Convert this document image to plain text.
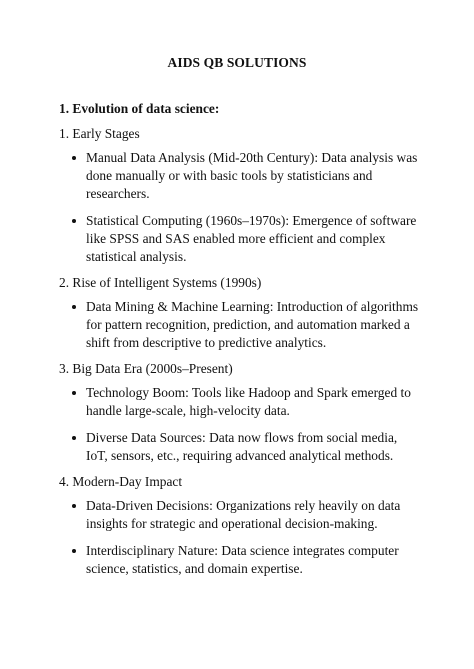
AIDS QB SOLUTIONS
1. Evolution of data science:
1. Early Stages
Manual Data Analysis (Mid-20th Century): Data analysis was done manually or with basic tools by statisticians and researchers.
Statistical Computing (1960s–1970s): Emergence of software like SPSS and SAS enabled more efficient and complex statistical analysis.
2. Rise of Intelligent Systems (1990s)
Data Mining & Machine Learning: Introduction of algorithms for pattern recognition, prediction, and automation marked a shift from descriptive to predictive analytics.
3. Big Data Era (2000s–Present)
Technology Boom: Tools like Hadoop and Spark emerged to handle large-scale, high-velocity data.
Diverse Data Sources: Data now flows from social media, IoT, sensors, etc., requiring advanced analytical methods.
4. Modern-Day Impact
Data-Driven Decisions: Organizations rely heavily on data insights for strategic and operational decision-making.
Interdisciplinary Nature: Data science integrates computer science, statistics, and domain expertise.
